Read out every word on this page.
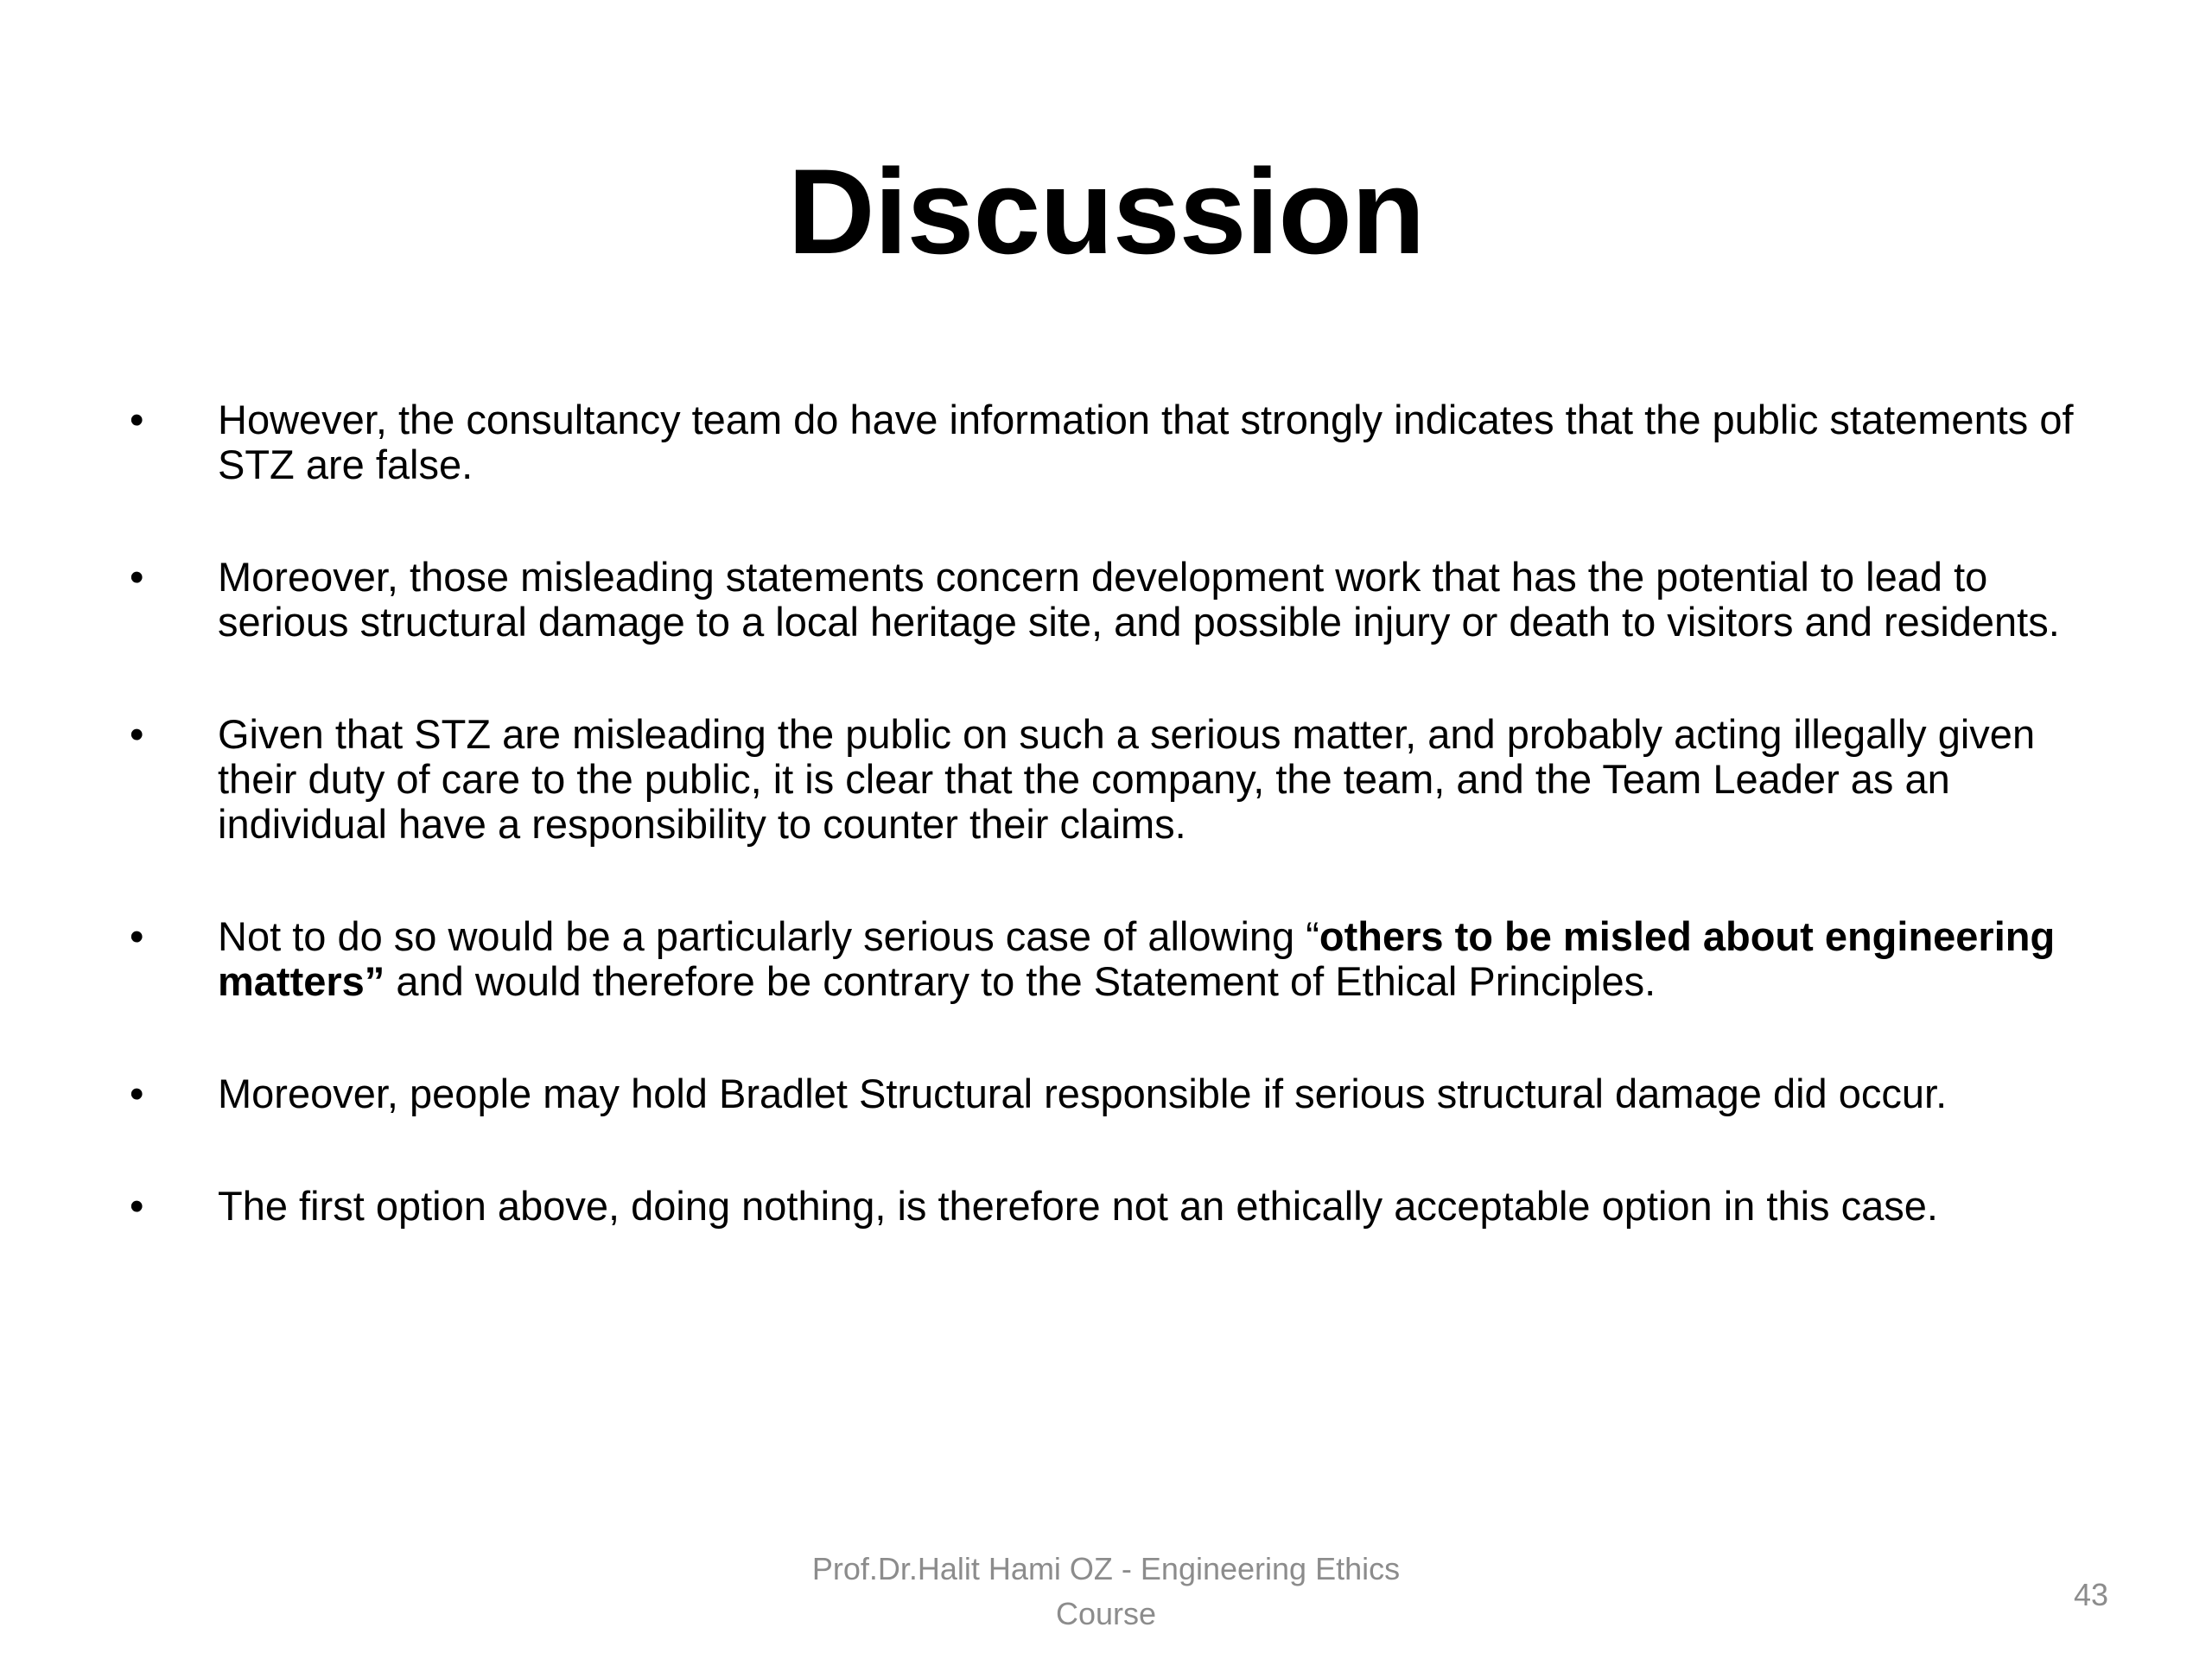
Discussion
• However, the consultancy team do have information that strongly indicates that the public statements of STZ are false.
• Moreover, those misleading statements concern development work that has the potential to lead to serious structural damage to a local heritage site, and possible injury or death to visitors and residents.
• Given that STZ are misleading the public on such a serious matter, and probably acting illegally given their duty of care to the public, it is clear that the company, the team, and the Team Leader as an individual have a responsibility to counter their claims.
• Not to do so would be a particularly serious case of allowing “others to be misled about engineering matters” and would therefore be contrary to the Statement of Ethical Principles.
• Moreover, people may hold Bradlet Structural responsible if serious structural damage did occur.
• The first option above, doing nothing, is therefore not an ethically acceptable option in this case.
Prof.Dr.Halit Hami OZ - Engineering Ethics Course
43
